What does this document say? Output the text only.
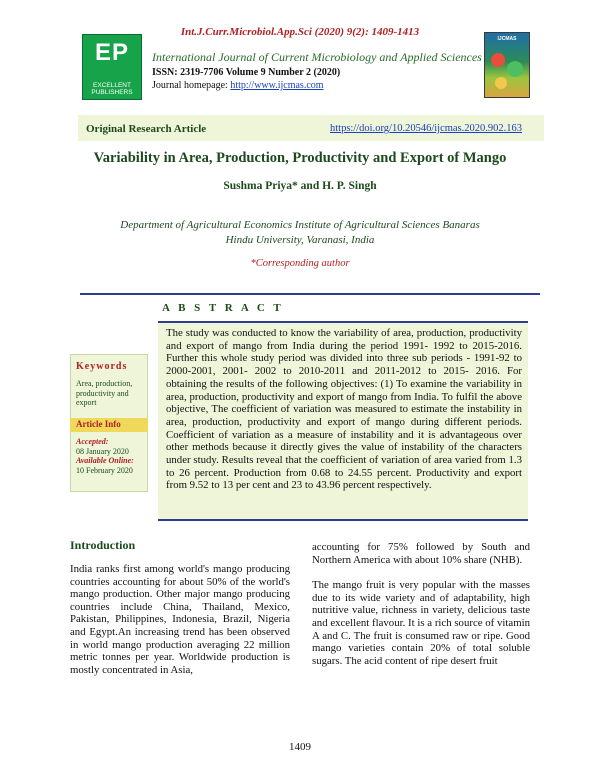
Int.J.Curr.Microbiol.App.Sci (2020) 9(2): 1409-1413
EP
EXCELLENT PUBLISHERS
International Journal of Current Microbiology and Applied Sciences
ISSN: 2319-7706 Volume 9 Number 2 (2020)
Journal homepage: http://www.ijcmas.com
IJCMAS
Original Research Article	https://doi.org/10.20546/ijcmas.2020.902.163
Variability in Area, Production, Productivity and Export of Mango
Sushma Priya* and H. P. Singh
Department of Agricultural Economics Institute of Agricultural Sciences Banaras Hindu University, Varanasi, India
*Corresponding author
A B S T R A C T
The study was conducted to know the variability of area, production, productivity and export of mango from India during the period 1991- 1992 to 2015-2016. Further this whole study period was divided into three sub periods - 1991-92 to 2000-2001, 2001- 2002 to 2010-2011 and 2011-2012 to 2015- 2016. For obtaining the results of the following objectives: (1) To examine the variability in area, production, productivity and export of mango from India. To fulfil the above objective, The coefficient of variation was measured to estimate the instability in area, production, productivity and export of mango during different periods. Coefficient of variation as a measure of instability and it is advantageous over other methods because it directly gives the value of instability of the characters under study. Results reveal that the coefficient of variation of area varied from 1.3 to 26 percent. Production from 0.68 to 24.55 percent. Productivity and export from 9.52 to 13 per cent and 23 to 43.96 percent respectively.
Keywords
Area, production, productivity and export
Article Info
Accepted:
08 January 2020
Available Online:
10 February 2020
Introduction
India ranks first among world's mango producing countries accounting for about 50% of the world's mango production. Other major mango producing countries include China, Thailand, Mexico, Pakistan, Philippines, Indonesia, Brazil, Nigeria and Egypt.An increasing trend has been observed in world mango production averaging 22 million metric tonnes per year. Worldwide production is mostly concentrated in Asia,

accounting for 75% followed by South and Northern America with about 10% share (NHB).

The mango fruit is very popular with the masses due to its wide variety and of adaptability, high nutritive value, richness in variety, delicious taste and excellent flavour. It is a rich source of vitamin A and C. The fruit is consumed raw or ripe. Good mango varieties contain 20% of total soluble sugars. The acid content of ripe desert fruit

1409
